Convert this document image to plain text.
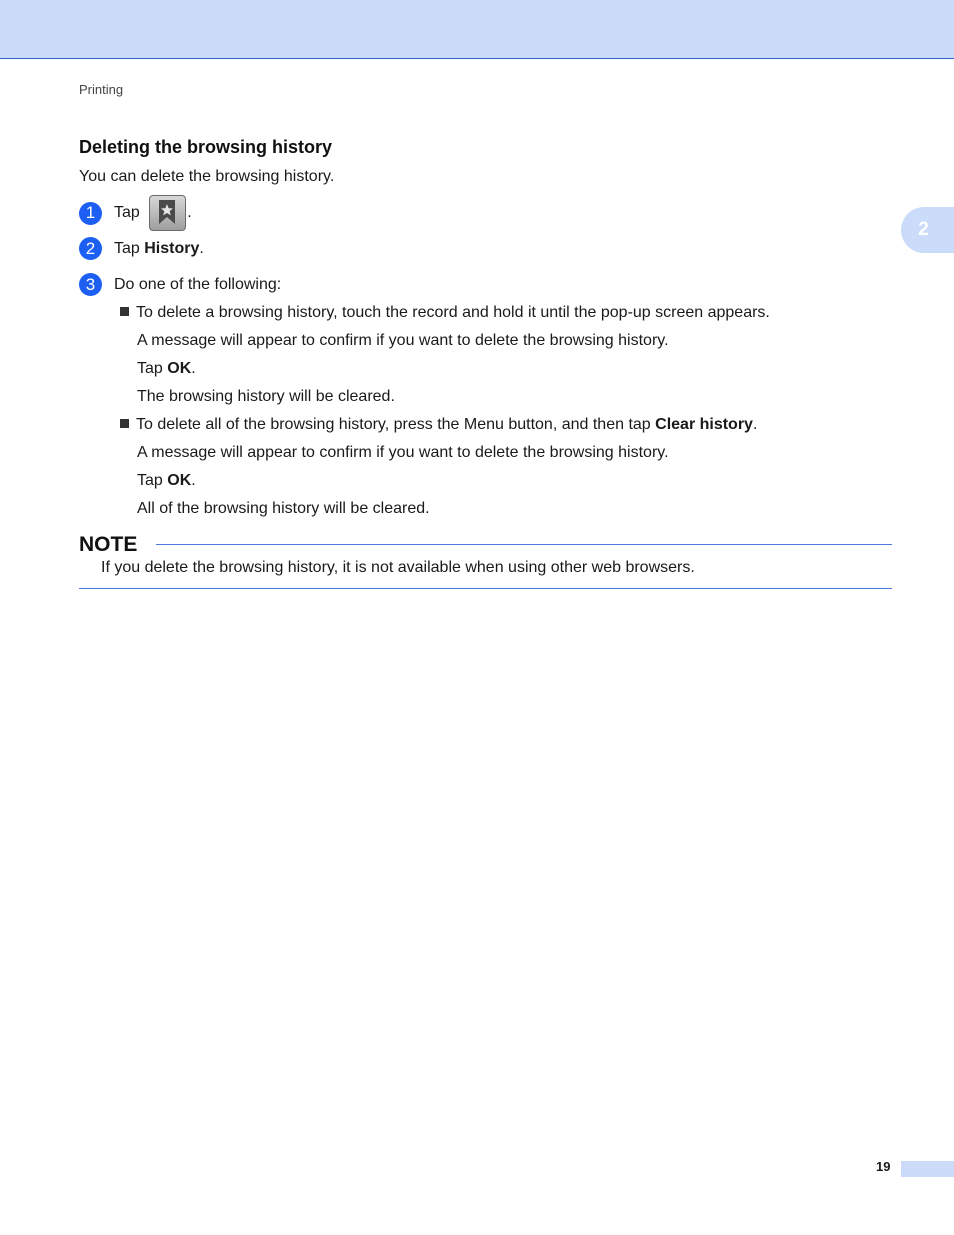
Printing
2
Deleting the browsing history
You can delete the browsing history.
1	Tap	.
2	Tap History .
3	Do one of the following:
To delete a browsing history, touch the record and hold it until the pop-up screen appears.
A message will appear to confirm if you want to delete the browsing history.
Tap OK.
The browsing history will be cleared.
To delete all of the browsing history, press the Menu button, and then tap Clear history.
A message will appear to confirm if you want to delete the browsing history.
Tap OK.
All of the browsing history will be cleared.
NOTE
If you delete the browsing history, it is not available when using other web browsers.
19
